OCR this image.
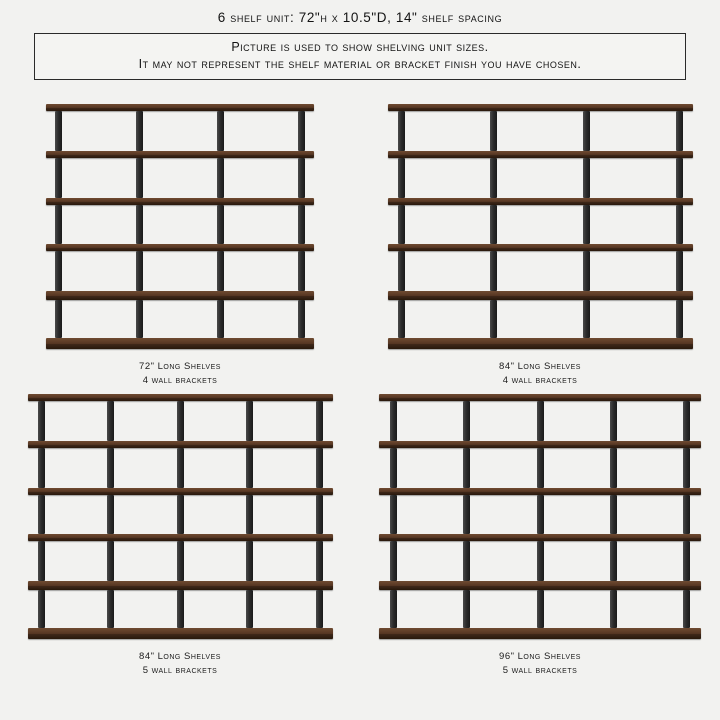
6 shelf unit: 72"h x 10.5"D, 14" shelf spacing
Picture is used to show shelving unit sizes.
It may not represent the shelf material or bracket finish you have chosen.
72" Long Shelves
4 wall brackets
84" Long Shelves
4 wall brackets
84" Long Shelves
5 wall brackets
96" Long Shelves
5 wall brackets
